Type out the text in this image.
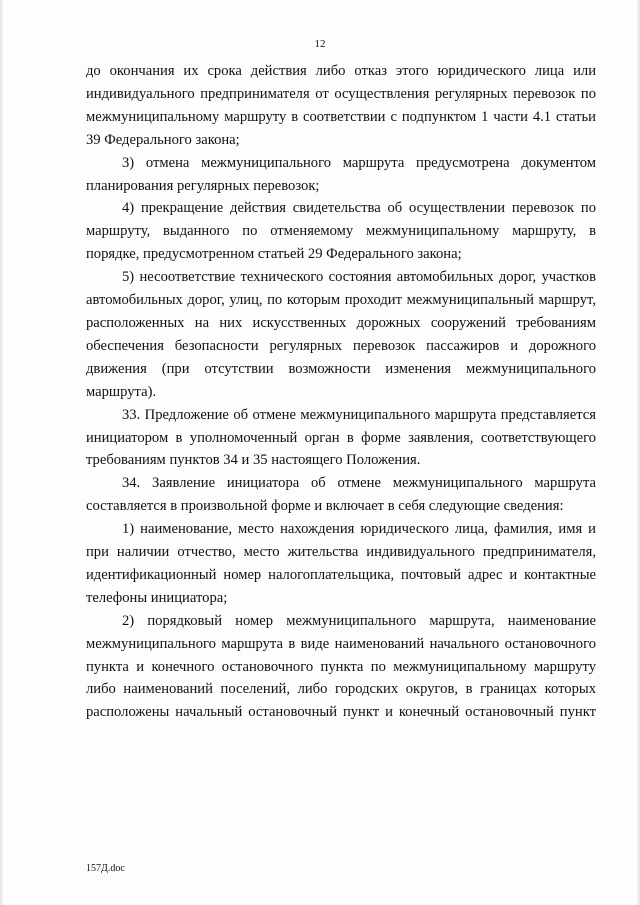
12

до окончания их срока действия либо отказ этого юридического лица или индивидуального предпринимателя от осуществления регулярных перевозок по межмуниципальному маршруту в соответствии с подпунктом 1 части 4.1 статьи 39 Федерального закона;

3) отмена межмуниципального маршрута предусмотрена документом планирования регулярных перевозок;

4) прекращение действия свидетельства об осуществлении перевозок по маршруту, выданного по отменяемому межмуниципальному маршруту, в порядке, предусмотренном статьей 29 Федерального закона;

5) несоответствие технического состояния автомобильных дорог, участков автомобильных дорог, улиц, по которым проходит межмуниципальный маршрут, расположенных на них искусственных дорожных сооружений требованиям обеспечения безопасности регулярных перевозок пассажиров и дорожного движения (при отсутствии возможности изменения межмуниципального маршрута).

33. Предложение об отмене межмуниципального маршрута представляется инициатором в уполномоченный орган в форме заявления, соответствующего требованиям пунктов 34 и 35 настоящего Положения.

34. Заявление инициатора об отмене межмуниципального маршрута составляется в произвольной форме и включает в себя следующие сведения:

1) наименование, место нахождения юридического лица, фамилия, имя и при наличии отчество, место жительства индивидуального предпринимателя, идентификационный номер налогоплательщика, почтовый адрес и контактные телефоны инициатора;

2) порядковый номер межмуниципального маршрута, наименование межмуниципального маршрута в виде наименований начального остановочного пункта и конечного остановочного пункта по межмуниципальному маршруту либо наименований поселений, либо городских округов, в границах которых расположены начальный остановочный пункт и конечный остановочный пункт

157Д.doc
